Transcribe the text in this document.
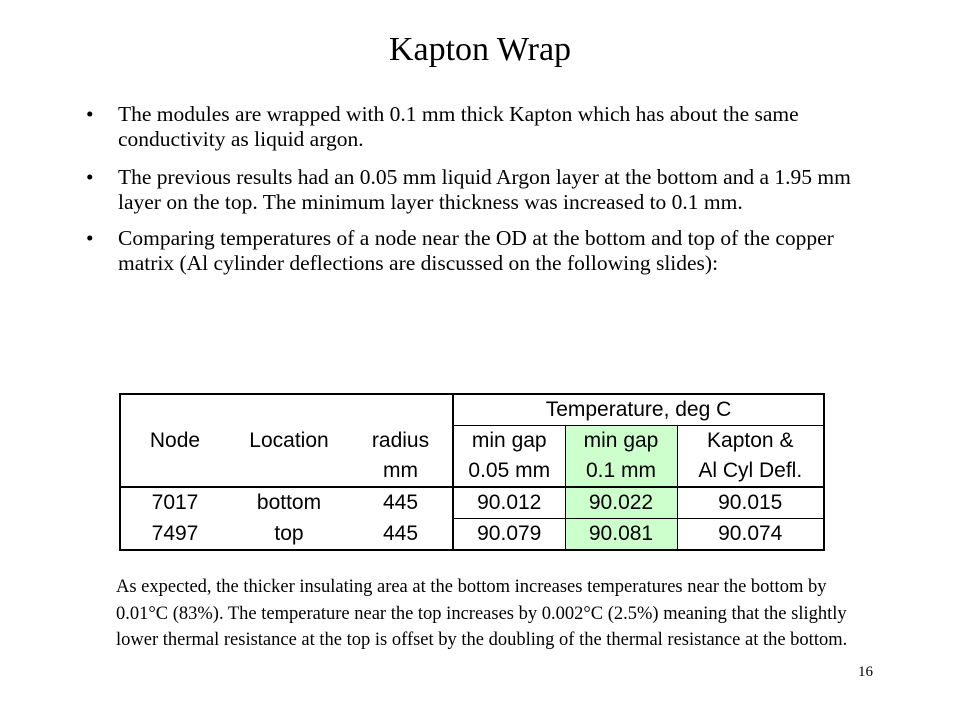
Kapton Wrap
• The modules are wrapped with 0.1 mm thick Kapton which has about the same conductivity as liquid argon.
• The previous results had an 0.05 mm liquid Argon layer at the bottom and a 1.95 mm layer on the top. The minimum layer thickness was increased to 0.1 mm.
• Comparing temperatures of a node near the OD at the bottom and top of the copper matrix (Al cylinder deflections are discussed on the following slides):
			Temperature, deg C		
Node	Location	radius	min gap	min gap	Kapton &
		mm	0.05 mm	0.1 mm	Al Cyl Defl.
7017	bottom	445	90.012	90.022	90.015
7497	top	445	90.079	90.081	90.074
As expected, the thicker insulating area at the bottom increases temperatures near the bottom by 0.01°C (83%). The temperature near the top increases by 0.002°C (2.5%) meaning that the slightly lower thermal resistance at the top is offset by the doubling of the thermal resistance at the bottom.
16
